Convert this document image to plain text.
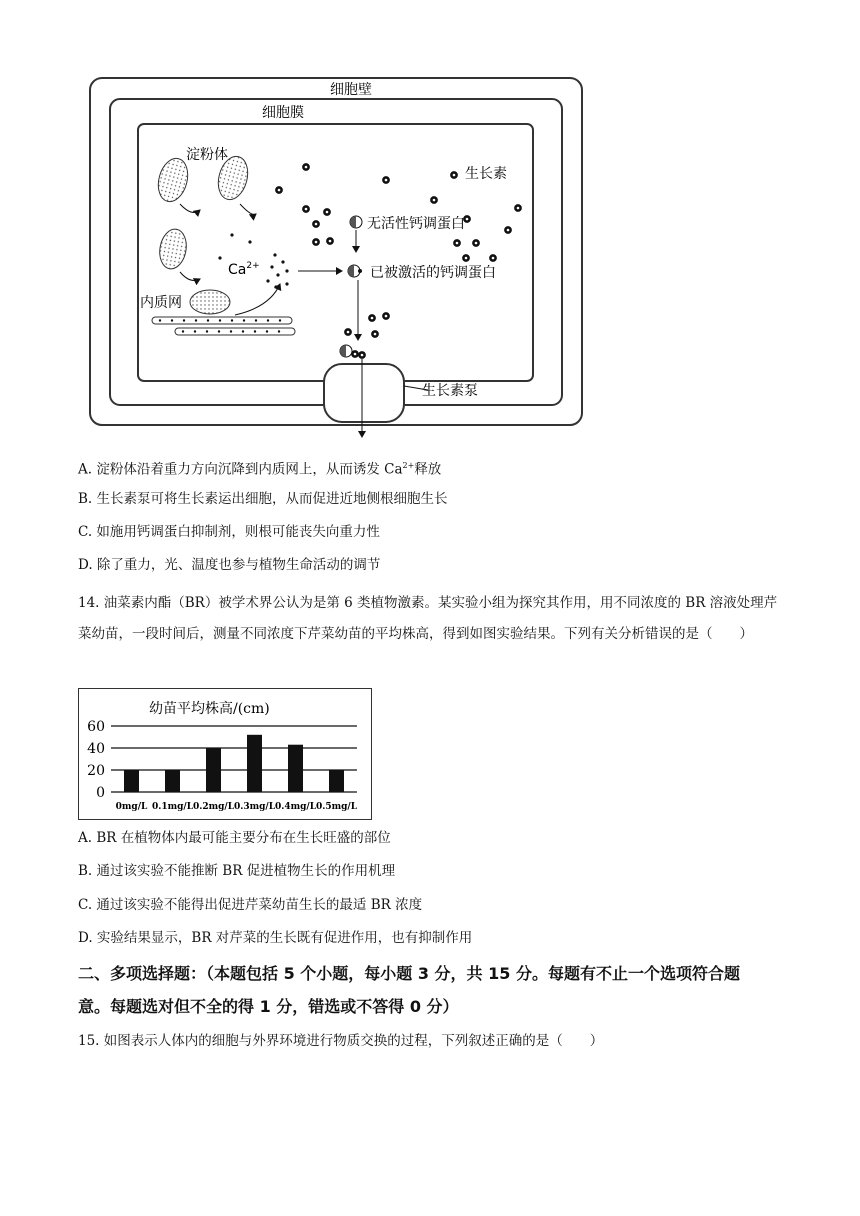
细胞壁
细胞膜
淀粉体
内质网
$Ca^{2+}$
无活性钙调蛋白
已被激活的钙调蛋白
生长素
生长素泵
A. 淀粉体沿着重力方向沉降到内质网上，从而诱发 $Ca^{2+}$释放
B. 生长素泵可将生长素运出细胞，从而促进近地侧根细胞生长
C. 如施用钙调蛋白抑制剂，则根可能丧失向重力性
D. 除了重力，光、温度也参与植物生命活动的调节
14. 油菜素内酯（BR）被学术界公认为是第 6 类植物激素。某实验小组为探究其作用，用不同浓度的 BR 溶液处理芹菜幼苗，一段时间后，测量不同浓度下芹菜幼苗的平均株高，得到如图实验结果。下列有关分析错误的是（　　）
幼苗平均株高/(cm)
0
20
40
60
0mg/L 0.1mg/L 0.2mg/L 0.3mg/L 0.4mg/L 0.5mg/L
A. BR 在植物体内最可能主要分布在生长旺盛的部位
B. 通过该实验不能推断 BR 促进植物生长的作用机理
C. 通过该实验不能得出促进芹菜幼苗生长的最适 BR 浓度
D. 实验结果显示，BR 对芹菜的生长既有促进作用，也有抑制作用
二、多项选择题：（本题包括 5 个小题，每小题 3 分，共 15 分。每题有不止一个选项符合题
意。每题选对但不全的得 1 分，错选或不答得 0 分）
15. 如图表示人体内的细胞与外界环境进行物质交换的过程，下列叙述正确的是（　　）
